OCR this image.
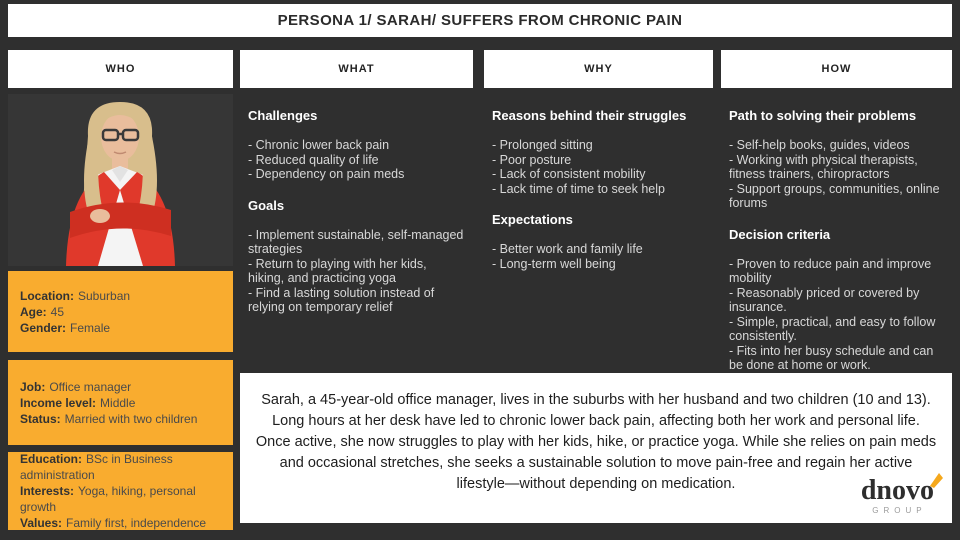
PERSONA 1/ SARAH/ SUFFERS FROM CHRONIC PAIN
WHO	WHAT	WHY	HOW
Location: Suburban
Age: 45
Gender: Female
Job: Office manager
Income level: Middle
Status: Married with two children
Education: BSc in Business administration
Interests: Yoga, hiking, personal growth
Values: Family first, independence
Challenges
- Chronic lower back pain
- Reduced quality of life
- Dependency on pain meds
Goals
- Implement sustainable, self-managed strategies
- Return to playing with her kids, hiking, and practicing yoga
- Find a lasting solution instead of relying on temporary relief
Reasons behind their struggles
- Prolonged sitting
- Poor posture
- Lack of consistent mobility
- Lack time of time to seek help
Expectations
- Better work and family life
- Long-term well being
Path to solving their problems
- Self-help books, guides, videos
- Working with physical therapists, fitness trainers, chiropractors
- Support groups, communities, online forums
Decision criteria
- Proven to reduce pain and improve mobility
- Reasonably priced or covered by insurance.
- Simple, practical, and easy to follow consistently.
- Fits into her busy schedule and can be done at home or work.

Sarah, a 45-year-old office manager, lives in the suburbs with her husband and two children (10 and 13). Long hours at her desk have led to chronic lower back pain, affecting both her work and personal life. Once active, she now struggles to play with her kids, hike, or practice yoga. While she relies on pain meds and occasional stretches, she seeks a sustainable solution to move pain-free and regain her active lifestyle—without depending on medication.	dnovo
GROUP
